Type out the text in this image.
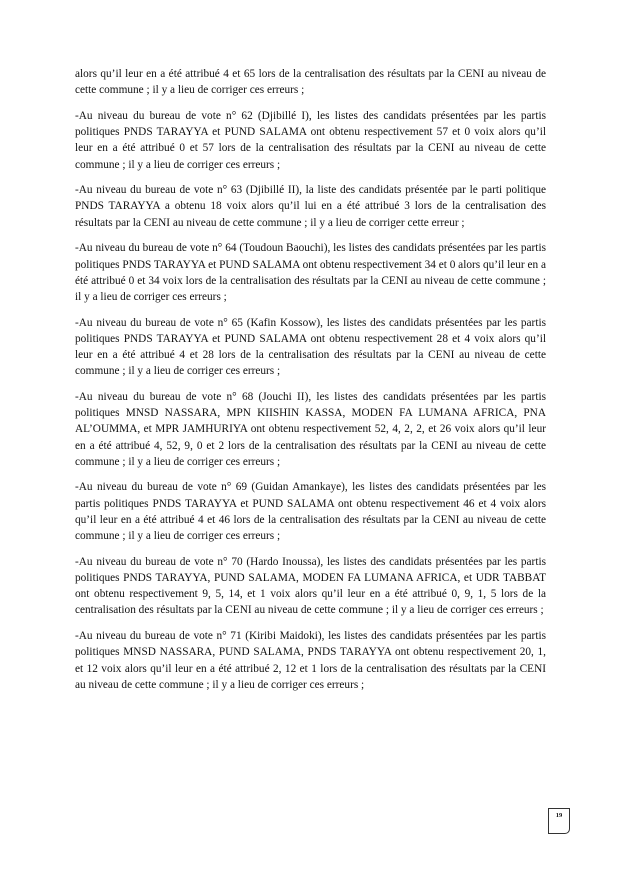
alors qu’il leur en a été attribué 4 et 65 lors de la centralisation des résultats par la CENI au niveau de cette commune ; il y a lieu de corriger ces erreurs ;

-Au niveau du bureau de vote n° 62 (Djibillé I), les listes des candidats présentées par les partis politiques PNDS TARAYYA et PUND SALAMA ont obtenu respectivement 57 et 0 voix alors qu’il leur en a été attribué 0 et 57 lors de la centralisation des résultats par la CENI au niveau de cette commune ; il y a lieu de corriger ces erreurs ;

-Au niveau du bureau de vote n° 63 (Djibillé II), la liste des candidats présentée par le parti politique PNDS TARAYYA a obtenu 18 voix alors qu’il lui en a été attribué 3 lors de la centralisation des résultats par la CENI au niveau de cette commune ; il y a lieu de corriger cette erreur ;

-Au niveau du bureau de vote n° 64 (Toudoun Baouchi), les listes des candidats présentées par les partis politiques PNDS TARAYYA et PUND SALAMA ont obtenu respectivement 34 et 0 alors qu’il leur en a été attribué 0 et 34 voix lors de la centralisation des résultats par la CENI au niveau de cette commune ; il y a lieu de corriger ces erreurs ;

-Au niveau du bureau de vote n° 65 (Kafin Kossow), les listes des candidats présentées par les partis politiques PNDS TARAYYA et PUND SALAMA ont obtenu respectivement 28 et 4 voix alors qu’il leur en a été attribué 4 et 28 lors de la centralisation des résultats par la CENI au niveau de cette commune ; il y a lieu de corriger ces erreurs ;

-Au niveau du bureau de vote n° 68 (Jouchi II), les listes des candidats présentées par les partis politiques MNSD NASSARA, MPN KIISHIN KASSA, MODEN FA LUMANA AFRICA, PNA AL’OUMMA, et MPR JAMHURIYA ont obtenu respectivement 52, 4, 2, 2, et 26 voix alors qu’il leur en a été attribué 4, 52, 9, 0 et 2 lors de la centralisation des résultats par la CENI au niveau de cette commune ; il y a lieu de corriger ces erreurs ;

-Au niveau du bureau de vote n° 69 (Guidan Amankaye), les listes des candidats présentées par les partis politiques PNDS TARAYYA et PUND SALAMA ont obtenu respectivement 46 et 4 voix alors qu’il leur en a été attribué 4 et 46 lors de la centralisation des résultats par la CENI au niveau de cette commune ; il y a lieu de corriger ces erreurs ;

-Au niveau du bureau de vote n° 70 (Hardo Inoussa), les listes des candidats présentées par les partis politiques PNDS TARAYYA, PUND SALAMA, MODEN FA LUMANA AFRICA, et UDR TABBAT ont obtenu respectivement 9, 5, 14, et 1 voix alors qu’il leur en a été attribué 0, 9, 1, 5 lors de la centralisation des résultats par la CENI au niveau de cette commune ; il y a lieu de corriger ces erreurs ;

-Au niveau du bureau de vote n° 71 (Kiribi Maidoki), les listes des candidats présentées par les partis politiques MNSD NASSARA, PUND SALAMA, PNDS TARAYYA ont obtenu respectivement 20, 1, et 12 voix alors qu’il leur en a été attribué 2, 12 et 1 lors de la centralisation des résultats par la CENI au niveau de cette commune ; il y a lieu de corriger ces erreurs ;

19
